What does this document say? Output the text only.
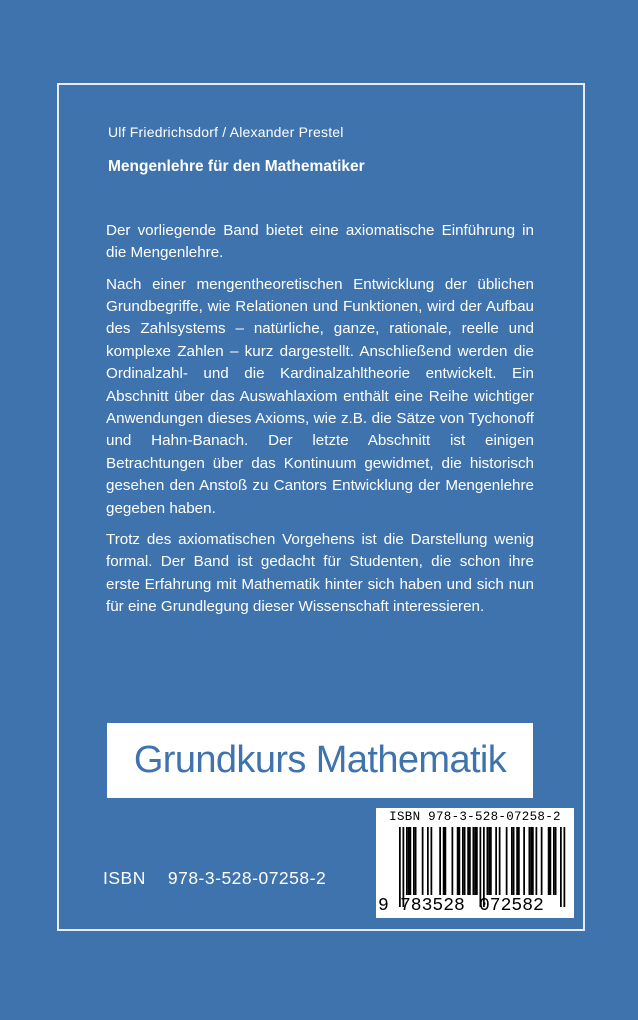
Ulf Friedrichsdorf / Alexander Prestel
Mengenlehre für den Mathematiker

Der vorliegende Band bietet eine axiomatische Einführung in die Mengenlehre.

Nach einer mengentheoretischen Entwicklung der üblichen Grundbegriffe, wie Relationen und Funktionen, wird der Aufbau des Zahlsystems – natürliche, ganze, rationale, reelle und komplexe Zahlen – kurz dargestellt. Anschließend werden die Ordinalzahl- und die Kardinalzahltheorie entwickelt. Ein Abschnitt über das Auswahlaxiom enthält eine Reihe wichtiger Anwendungen dieses Axioms, wie z.B. die Sätze von Tychonoff und Hahn-Banach. Der letzte Abschnitt ist einigen Betrachtungen über das Kontinuum gewidmet, die historisch gesehen den Anstoß zu Cantors Entwicklung der Mengenlehre gegeben haben.

Trotz des axiomatischen Vorgehens ist die Darstellung wenig formal. Der Band ist gedacht für Studenten, die schon ihre erste Erfahrung mit Mathematik hinter sich haben und sich nun für eine Grundlegung dieser Wissenschaft interessieren.

Grundkurs Mathematik
ISBN 978-3-528-07258-2
ISBN 978-3-528-07258-2
9 783528 072582
